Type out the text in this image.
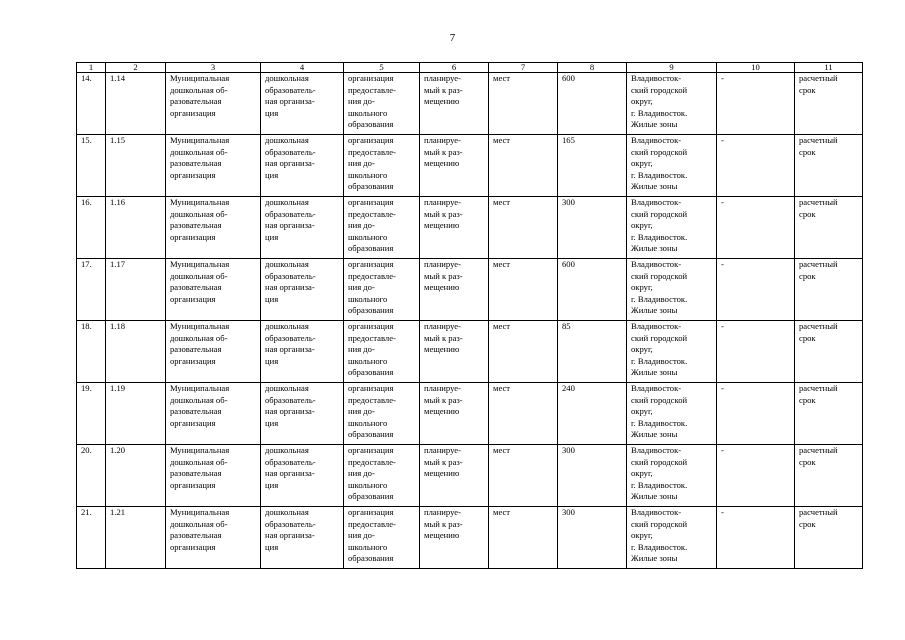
7
1	2	3	4	5	6	7	8	9	10	11
14.	1.14	Муниципальная
дошкольная об-
разовательная
организация	дошкольная
образователь-
ная организа-
ция	организация
предоставле-
ния до-
школьного
образования	планируе-
мый к раз-
мещению	мест	600	Владивосток-
ский городской
округ,
г. Владивосток.
Жилые зоны	-	расчетный
срок
15.	1.15	Муниципальная
дошкольная об-
разовательная
организация	дошкольная
образователь-
ная организа-
ция	организация
предоставле-
ния до-
школьного
образования	планируе-
мый к раз-
мещению	мест	165	Владивосток-
ский городской
округ,
г. Владивосток.
Жилые зоны	-	расчетный
срок
16.	1.16	Муниципальная
дошкольная об-
разовательная
организация	дошкольная
образователь-
ная организа-
ция	организация
предоставле-
ния до-
школьного
образования	планируе-
мый к раз-
мещению	мест	300	Владивосток-
ский городской
округ,
г. Владивосток.
Жилые зоны	-	расчетный
срок
17.	1.17	Муниципальная
дошкольная об-
разовательная
организация	дошкольная
образователь-
ная организа-
ция	организация
предоставле-
ния до-
школьного
образования	планируе-
мый к раз-
мещению	мест	600	Владивосток-
ский городской
округ,
г. Владивосток.
Жилые зоны	-	расчетный
срок
18.	1.18	Муниципальная
дошкольная об-
разовательная
организация	дошкольная
образователь-
ная организа-
ция	организация
предоставле-
ния до-
школьного
образования	планируе-
мый к раз-
мещению	мест	85	Владивосток-
ский городской
округ,
г. Владивосток.
Жилые зоны	-	расчетный
срок
19.	1.19	Муниципальная
дошкольная об-
разовательная
организация	дошкольная
образователь-
ная организа-
ция	организация
предоставле-
ния до-
школьного
образования	планируе-
мый к раз-
мещению	мест	240	Владивосток-
ский городской
округ,
г. Владивосток.
Жилые зоны	-	расчетный
срок
20.	1.20	Муниципальная
дошкольная об-
разовательная
организация	дошкольная
образователь-
ная организа-
ция	организация
предоставле-
ния до-
школьного
образования	планируе-
мый к раз-
мещению	мест	300	Владивосток-
ский городской
округ,
г. Владивосток.
Жилые зоны	-	расчетный
срок
21.	1.21	Муниципальная
дошкольная об-
разовательная
организация	дошкольная
образователь-
ная организа-
ция	организация
предоставле-
ния до-
школьного
образования	планируе-
мый к раз-
мещению	мест	300	Владивосток-
ский городской
округ,
г. Владивосток.
Жилые зоны	-	расчетный
срок
